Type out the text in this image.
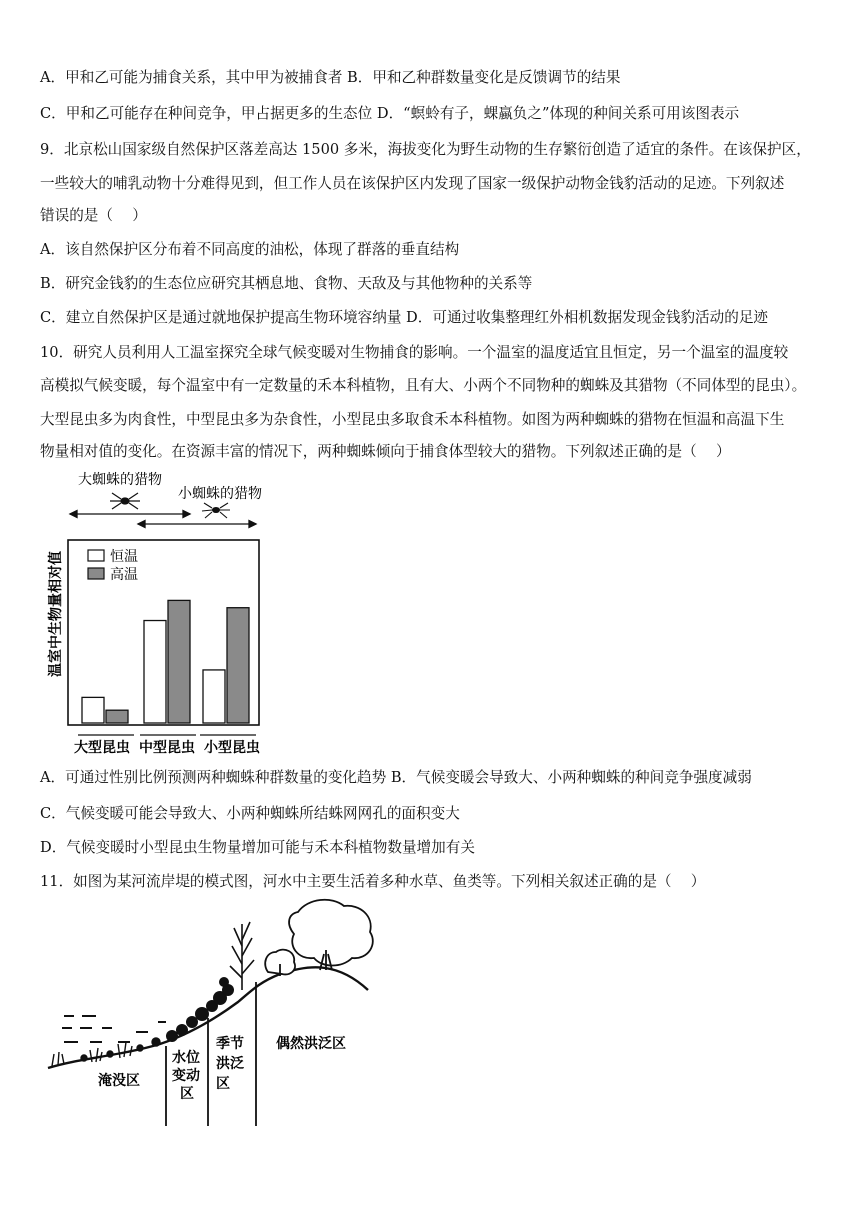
A．甲和乙可能为捕食关系，其中甲为被捕食者 B．甲和乙种群数量变化是反馈调节的结果
C．甲和乙可能存在种间竞争，甲占据更多的生态位 D．“螟蛉有子，蜾蠃负之”体现的种间关系可用该图表示
9．北京松山国家级自然保护区落差高达 1500 多米，海拔变化为野生动物的生存繁衍创造了适宜的条件。在该保护区，
一些较大的哺乳动物十分难得见到，但工作人员在该保护区内发现了国家一级保护动物金钱豹活动的足迹。下列叙述
错误的是（　 ）
A．该自然保护区分布着不同高度的油松，体现了群落的垂直结构
B．研究金钱豹的生态位应研究其栖息地、食物、天敌及与其他物种的关系等
C．建立自然保护区是通过就地保护提高生物环境容纳量 D．可通过收集整理红外相机数据发现金钱豹活动的足迹
10．研究人员利用人工温室探究全球气候变暖对生物捕食的影响。一个温室的温度适宜且恒定，另一个温室的温度较
高模拟气候变暖，每个温室中有一定数量的禾本科植物，且有大、小两个不同物种的蜘蛛及其猎物（不同体型的昆虫）。
大型昆虫多为肉食性，中型昆虫多为杂食性，小型昆虫多取食禾本科植物。如图为两种蜘蛛的猎物在恒温和高温下生
物量相对值的变化。在资源丰富的情况下，两种蜘蛛倾向于捕食体型较大的猎物。下列叙述正确的是（　 ）
大蜘蛛的猎物
小蜘蛛的猎物
温室中生物量相对值	恒温
高温
大型昆虫 中型昆虫 小型昆虫
A．可通过性别比例预测两种蜘蛛种群数量的变化趋势 B．气候变暖会导致大、小两种蜘蛛的种间竞争强度减弱
C．气候变暖可能会导致大、小两种蜘蛛所结蛛网网孔的面积变大
D．气候变暖时小型昆虫生物量增加可能与禾本科植物数量增加有关
11．如图为某河流岸堤的模式图，河水中主要生活着多种水草、鱼类等。下列相关叙述正确的是（　 ）
淹没区
水位变动区
季节洪泛区
偶然洪泛区
